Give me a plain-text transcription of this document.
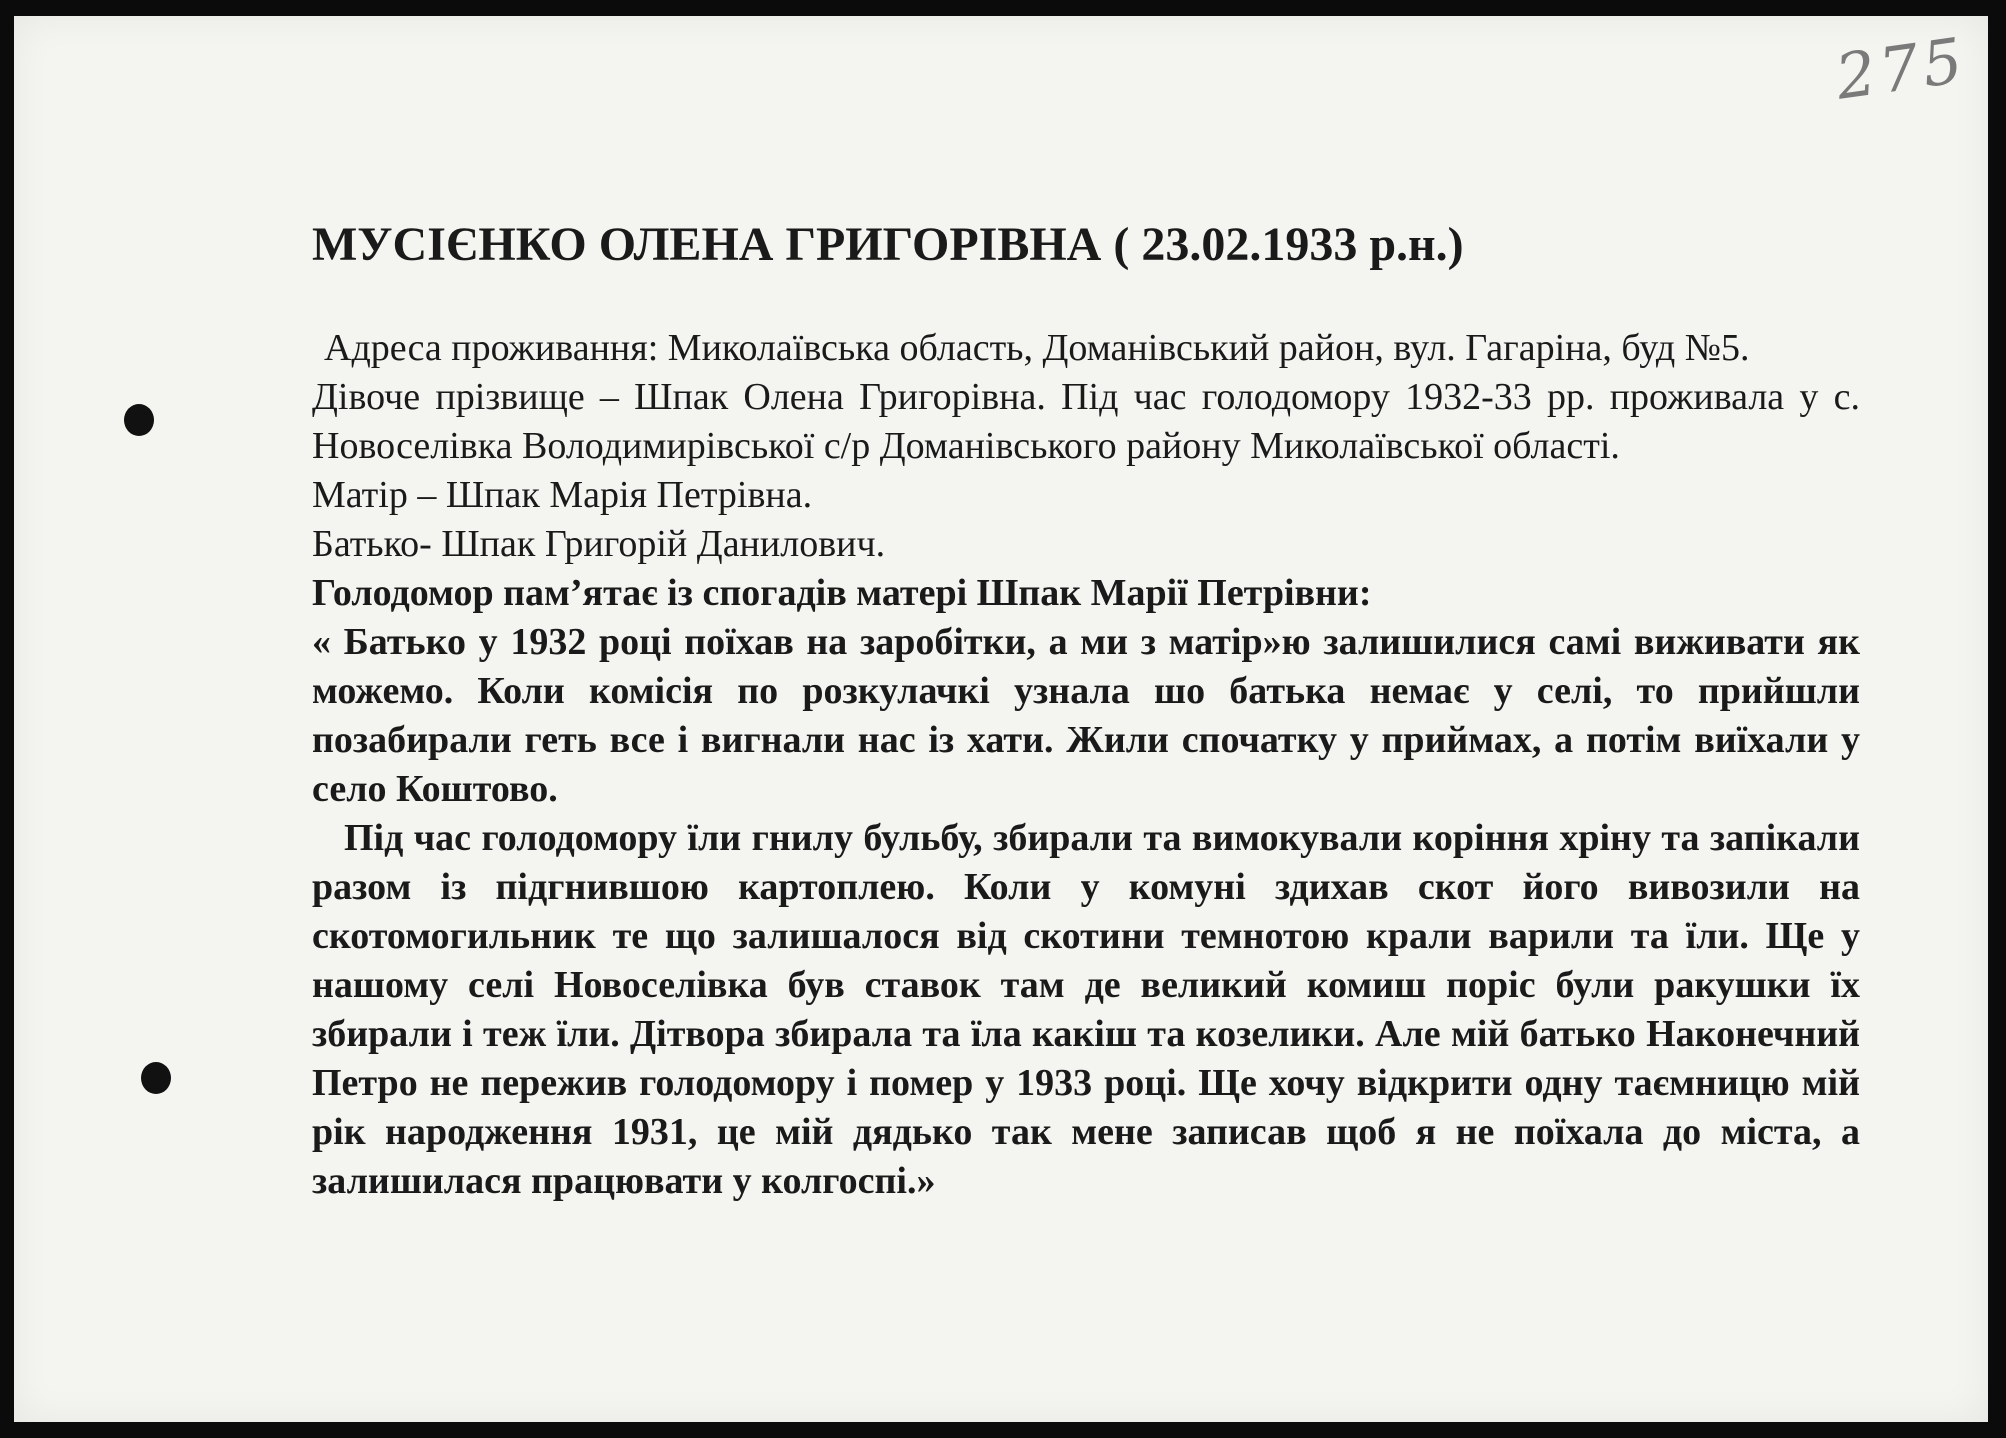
275
МУСІЄНКО ОЛЕНА ГРИГОРІВНА ( 23.02.1933 р.н.)

Адреса проживання: Миколаївська область, Доманівський район, вул. Гагаріна, буд №5.

Дівоче прізвище – Шпак Олена Григорівна. Під час голодомору 1932-33 рр. проживала у с. Новоселівка Володимирівської с/р Доманівського району Миколаївської області.

Матір – Шпак Марія Петрівна.

Батько- Шпак Григорій Данилович.

Голодомор пам’ятає із спогадів матері Шпак Марії Петрівни:

« Батько у 1932 році поїхав на заробітки, а ми з матір»ю залишилися самі виживати як можемо. Коли комісія по розкулачкі узнала шо батька немає у селі, то прийшли позабирали геть все і вигнали нас із хати. Жили спочатку у приймах, а потім виїхали у село Коштово.

Під час голодомору їли гнилу бульбу, збирали та вимокували коріння хріну та запікали разом із підгнившою картоплею. Коли у комуні здихав скот його вивозили на скотомогильник те що залишалося від скотини темнотою крали варили та їли. Ще у нашому селі Новоселівка був ставок там де великий комиш поріс були ракушки їх збирали і теж їли. Дітвора збирала та їла какіш та козелики. Але мій батько Наконечний Петро не пережив голодомору і помер у 1933 році. Ще хочу відкрити одну таємницю мій рік народження 1931, це мій дядько так мене записав щоб я не поїхала до міста, а залишилася працювати у колгоспі.»
